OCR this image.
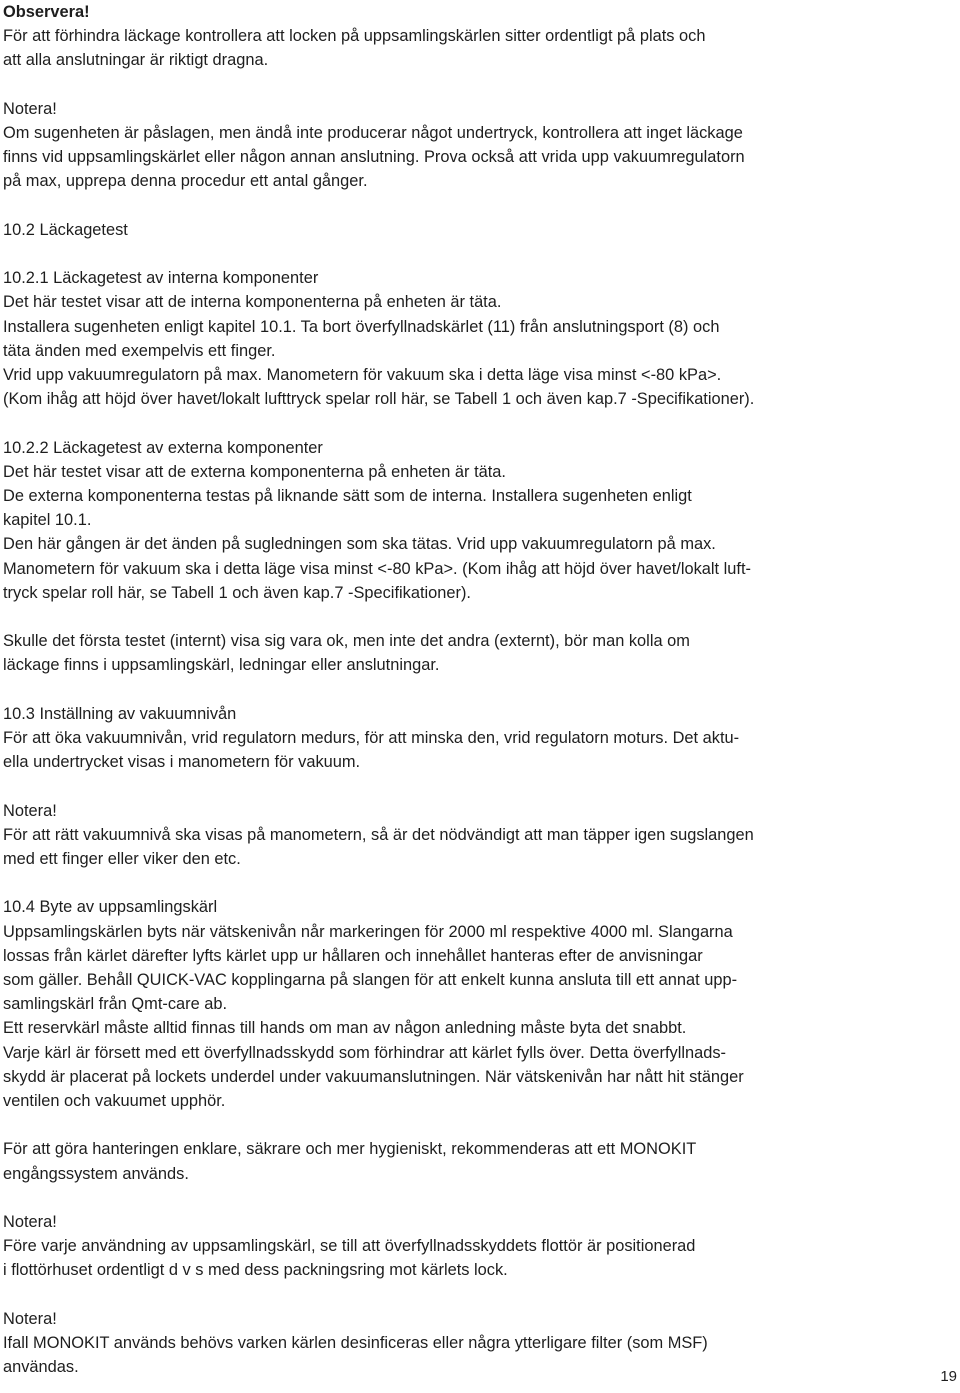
Observera!
För att förhindra läckage kontrollera att locken på uppsamlingskärlen sitter ordentligt på plats och
att alla anslutningar är riktigt dragna.
Notera!
Om sugenheten är påslagen, men ändå inte producerar något undertryck, kontrollera att inget läckage
finns vid uppsamlingskärlet eller någon annan anslutning. Prova också att vrida upp vakuumregulatorn
på max, upprepa denna procedur ett antal gånger.
10.2 Läckagetest
10.2.1 Läckagetest av interna komponenter
Det här testet visar att de interna komponenterna på enheten är täta.
Installera sugenheten enligt kapitel 10.1. Ta bort överfyllnadskärlet (11) från anslutningsport (8) och
täta änden med exempelvis ett finger.
Vrid upp vakuumregulatorn på max. Manometern för vakuum ska i detta läge visa minst <-80 kPa>.
(Kom ihåg att höjd över havet/lokalt lufttryck spelar roll här, se Tabell 1 och även kap.7 -Specifikationer).
10.2.2 Läckagetest av externa komponenter
Det här testet visar att de externa komponenterna på enheten är täta.
De externa komponenterna testas på liknande sätt som de interna. Installera sugenheten enligt
kapitel 10.1.
Den här gången är det änden på sugledningen som ska tätas. Vrid upp vakuumregulatorn på max.
Manometern för vakuum ska i detta läge visa minst <-80 kPa>. (Kom ihåg att höjd över havet/lokalt luft-
tryck spelar roll här, se Tabell 1 och även kap.7 -Specifikationer).
Skulle det första testet (internt) visa sig vara ok, men inte det andra (externt), bör man kolla om
läckage finns i uppsamlingskärl, ledningar eller anslutningar.
10.3 Inställning av vakuumnivån
För att öka vakuumnivån, vrid regulatorn medurs, för att minska den, vrid regulatorn moturs. Det aktu-
ella undertrycket visas i manometern för vakuum.
Notera!
För att rätt vakuumnivå ska visas på manometern, så är det nödvändigt att man täpper igen sugslangen
med ett finger eller viker den etc.
10.4 Byte av uppsamlingskärl
Uppsamlingskärlen byts när vätskenivån når markeringen för 2000 ml respektive 4000 ml. Slangarna
lossas från kärlet därefter lyfts kärlet upp ur hållaren och innehållet hanteras efter de anvisningar
som gäller. Behåll QUICK-VAC kopplingarna på slangen för att enkelt kunna ansluta till ett annat upp-
samlingskärl från Qmt-care ab.
Ett reservkärl måste alltid finnas till hands om man av någon anledning måste byta det snabbt.
Varje kärl är försett med ett överfyllnadsskydd som förhindrar att kärlet fylls över. Detta överfyllnads-
skydd är placerat på lockets underdel under vakuumanslutningen. När vätskenivån har nått hit stänger
ventilen och vakuumet upphör.
För att göra hanteringen enklare, säkrare och mer hygieniskt, rekommenderas att ett MONOKIT
engångssystem används.
Notera!
Före varje användning av uppsamlingskärl, se till att överfyllnadsskyddets flottör är positionerad
i flottörhuset ordentligt d v s med dess packningsring mot kärlets lock.
Notera!
Ifall MONOKIT används behövs varken kärlen desinficeras eller några ytterligare filter (som MSF)
användas.
19
